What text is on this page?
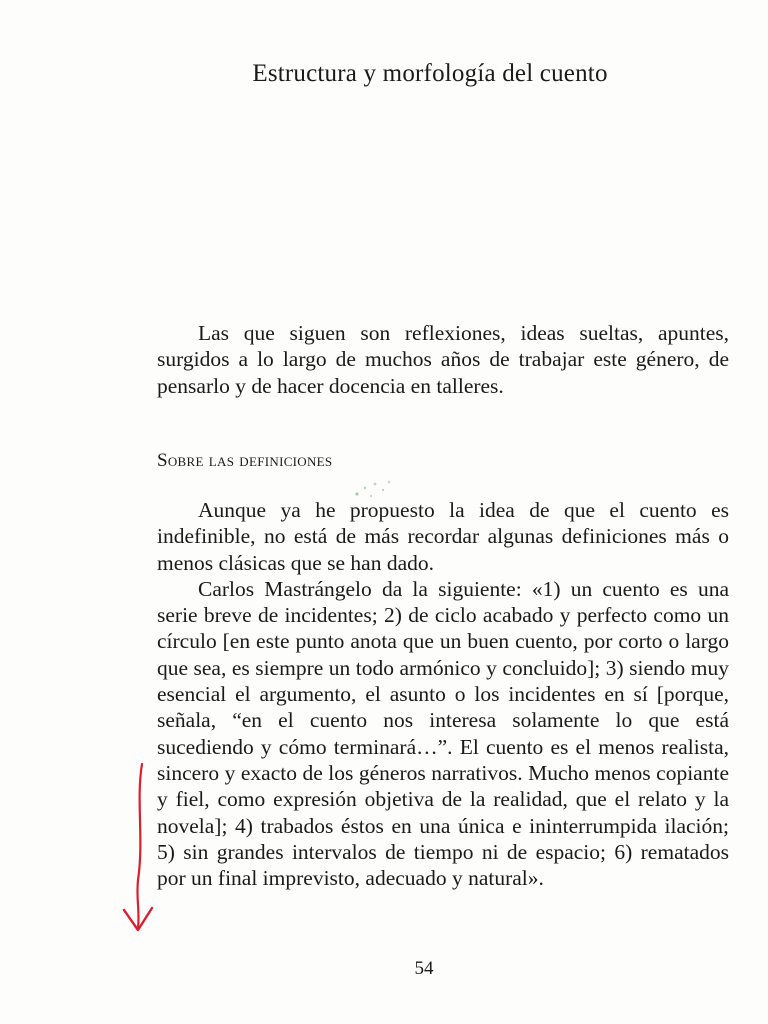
Estructura y morfología del cuento

Las que siguen son reflexiones, ideas sueltas, apuntes, surgidos a lo largo de muchos años de trabajar este género, de pensarlo y de hacer docencia en talleres.

Sobre las definiciones

Aunque ya he propuesto la idea de que el cuento es indefinible, no está de más recordar algunas definiciones más o menos clásicas que se han dado.

Carlos Mastrángelo da la siguiente: «1) un cuento es una serie breve de incidentes; 2) de ciclo acabado y perfecto como un círculo [en este punto anota que un buen cuento, por corto o largo que sea, es siempre un todo armónico y concluido]; 3) siendo muy esencial el argumento, el asunto o los incidentes en sí [porque, señala, “en el cuento nos interesa solamente lo que está sucediendo y cómo terminará…”. El cuento es el menos realista, sincero y exacto de los géneros narrativos. Mucho menos copiante y fiel, como expresión objetiva de la realidad, que el relato y la novela]; 4) trabados éstos en una única e ininterrumpida ilación; 5) sin grandes intervalos de tiempo ni de espacio; 6) rematados por un final imprevisto, adecuado y natural».

54
